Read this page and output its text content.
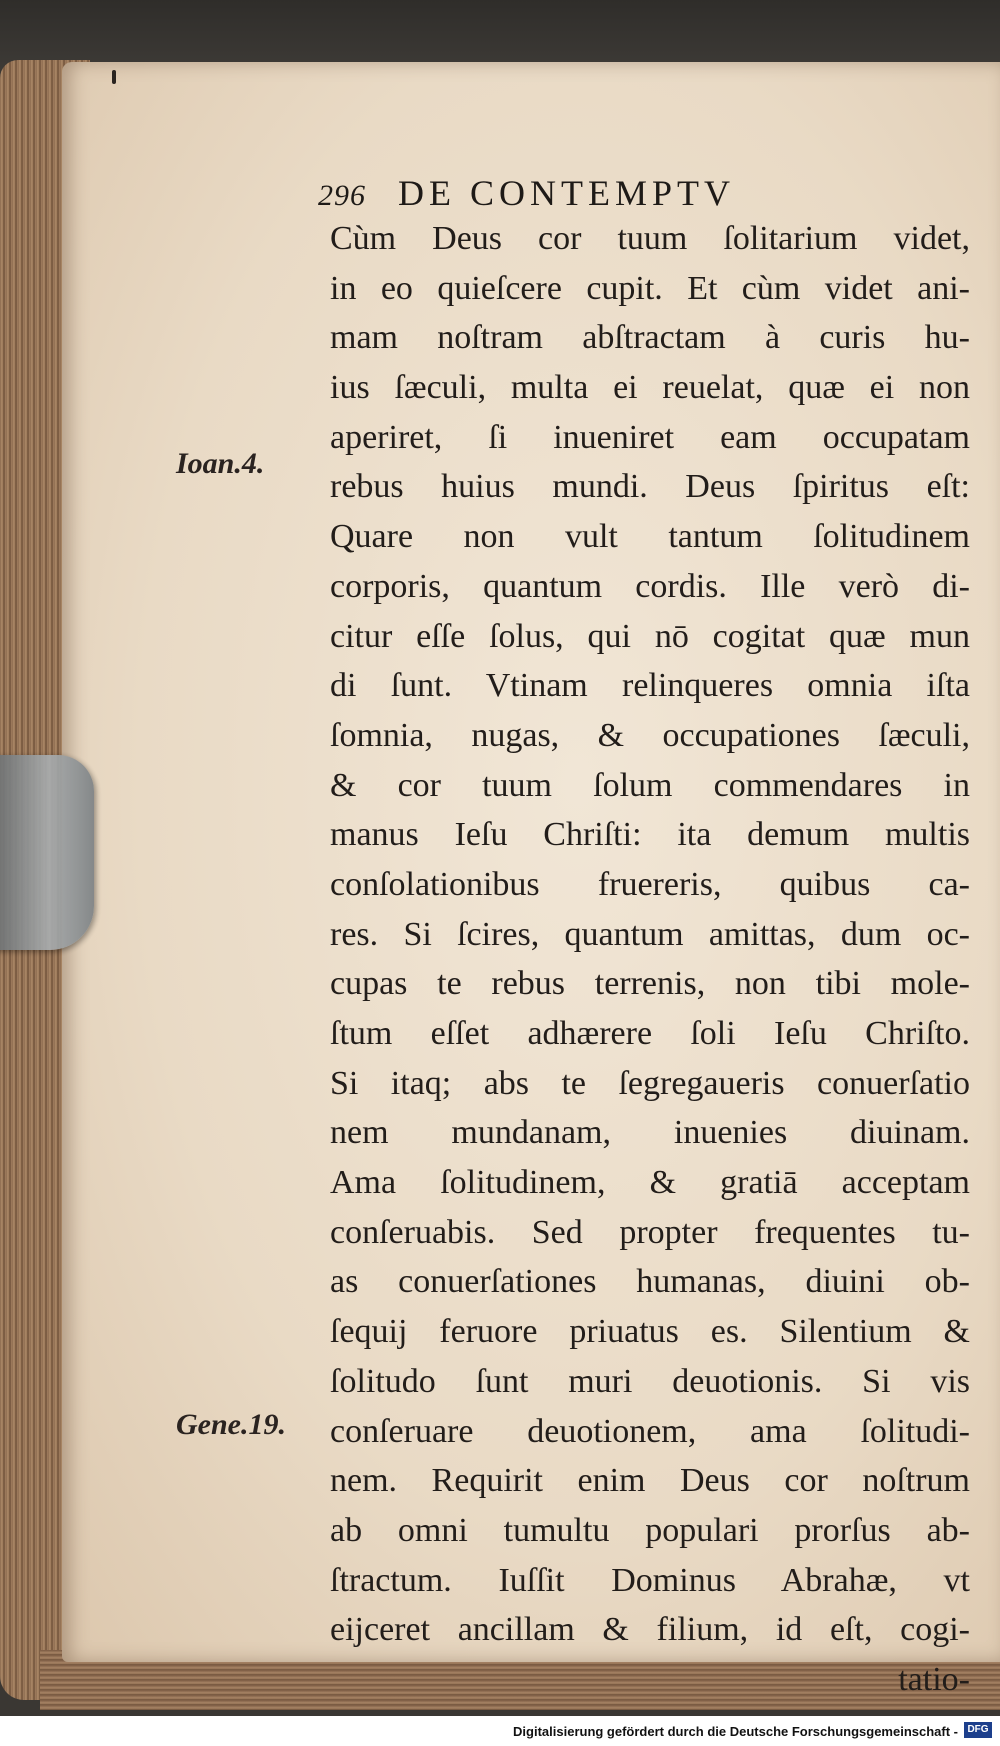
296 DE CONTEMPTV
Ioan.4.
Gene.19.
Cùm Deus cor tuum ſolitarium videt,
in eo quieſcere cupit. Et cùm videt ani-
mam noſtram abſtractam à curis hu-
ius ſæculi, multa ei reuelat, quæ ei non
aperiret, ſi inueniret eam occupatam
rebus huius mundi. Deus ſpiritus eſt:
Quare non vult tantum ſolitudinem
corporis, quantum cordis. Ille verò di-
citur eſſe ſolus, qui nō cogitat quæ mun
di ſunt. Vtinam relinqueres omnia iſta
ſomnia, nugas, & occupationes ſæculi,
& cor tuum ſolum commendares in
manus Ieſu Chriſti: ita demum multis
conſolationibus fruereris, quibus ca-
res. Si ſcires, quantum amittas, dum oc-
cupas te rebus terrenis, non tibi mole-
ſtum eſſet adhærere ſoli Ieſu Chriſto.
Si itaq; abs te ſegregaueris conuerſatio
nem mundanam, inuenies diuinam.
Ama ſolitudinem, & gratiā acceptam
conſeruabis. Sed propter frequentes tu-
as conuerſationes humanas, diuini ob-
ſequij feruore priuatus es. Silentium &
ſolitudo ſunt muri deuotionis. Si vis
conſeruare deuotionem, ama ſolitudi-
nem. Requirit enim Deus cor noſtrum
ab omni tumultu populari prorſus ab-
ſtractum. Iuſſit Dominus Abrahæ, vt
eijceret ancillam & filium, id eſt, cogi-
tatio-
Digitalisierung gefördert durch die Deutsche Forschungsgemeinschaft - DFG
